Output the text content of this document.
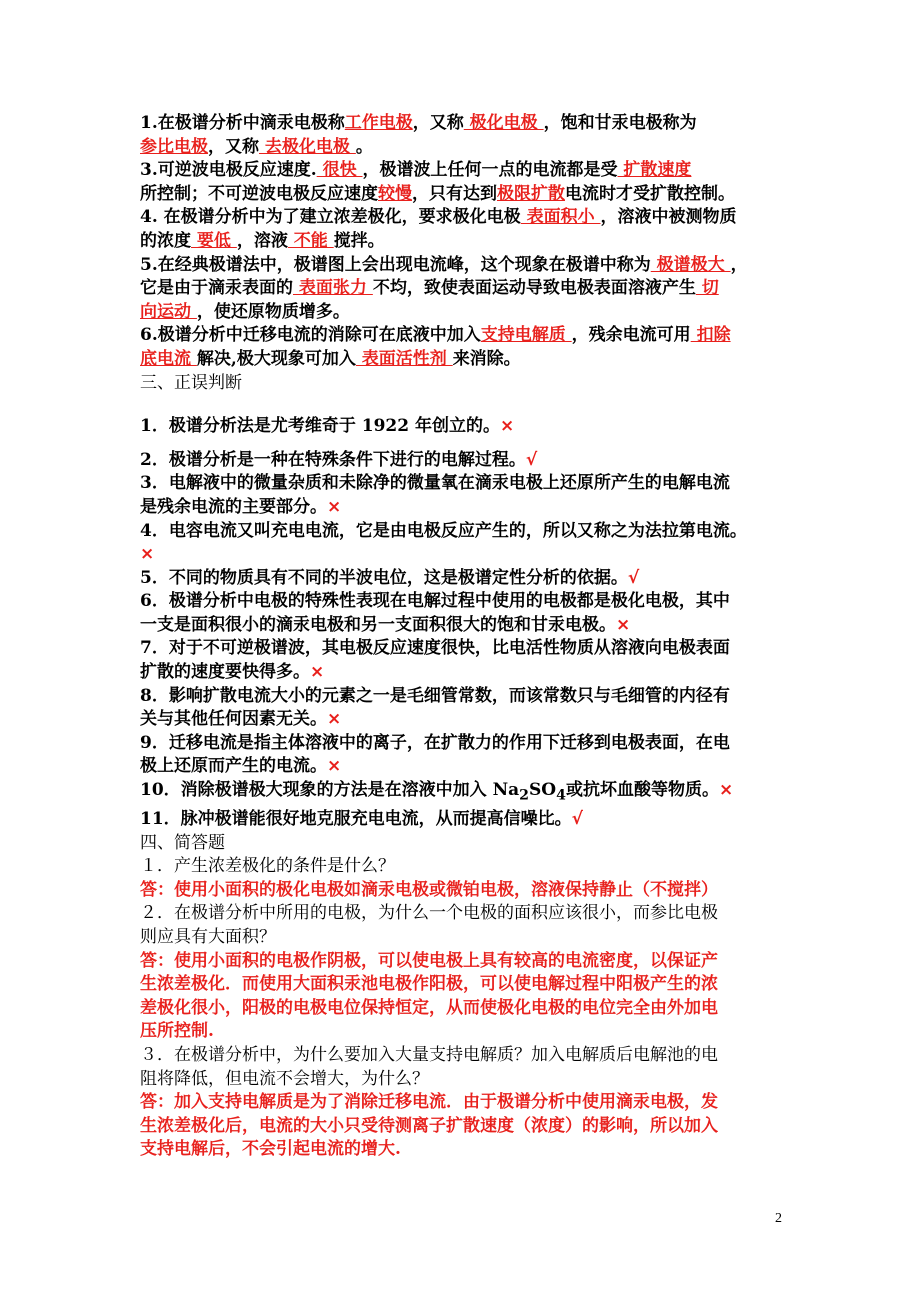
1.在极谱分析中滴汞电极称工作电极，又称 极化电极 ，饱和甘汞电极称为

参比电极，又称 去极化电极 。

3.可逆波电极反应速度. 很快 ，极谱波上任何一点的电流都是受 扩散速度

所控制；不可逆波电极反应速度较慢，只有达到极限扩散电流时才受扩散控制。

4. 在极谱分析中为了建立浓差极化，要求极化电极 表面积小 ，溶液中被测物质

的浓度 要低 ，溶液 不能 搅拌。

5.在经典极谱法中，极谱图上会出现电流峰，这个现象在极谱中称为 极谱极大 ，

它是由于滴汞表面的 表面张力 不均，致使表面运动导致电极表面溶液产生 切

向运动 ，使还原物质增多。

6.极谱分析中迁移电流的消除可在底液中加入支持电解质 ，残余电流可用 扣除

底电流 解决,极大现象可加入 表面活性剂 来消除。

三、正误判断

1．极谱分析法是尤考维奇于 1922 年创立的。×

2．极谱分析是一种在特殊条件下进行的电解过程。√

3．电解液中的微量杂质和未除净的微量氧在滴汞电极上还原所产生的电解电流

是残余电流的主要部分。×

4．电容电流又叫充电电流，它是由电极反应产生的，所以又称之为法拉第电流。

×

5．不同的物质具有不同的半波电位，这是极谱定性分析的依据。√

6．极谱分析中电极的特殊性表现在电解过程中使用的电极都是极化电极，其中

一支是面积很小的滴汞电极和另一支面积很大的饱和甘汞电极。×

7．对于不可逆极谱波，其电极反应速度很快，比电活性物质从溶液向电极表面

扩散的速度要快得多。×

8．影响扩散电流大小的元素之一是毛细管常数，而该常数只与毛细管的内径有

关与其他任何因素无关。×

9．迁移电流是指主体溶液中的离子，在扩散力的作用下迁移到电极表面，在电

极上还原而产生的电流。×

10．消除极谱极大现象的方法是在溶液中加入 $Na_2SO_4$或抗坏血酸等物质。×

11．脉冲极谱能很好地克服充电电流，从而提高信噪比。√

四、简答题

１．产生浓差极化的条件是什么？

答：使用小面积的极化电极如滴汞电极或微铂电极，溶液保持静止（不搅拌）

２．在极谱分析中所用的电极，为什么一个电极的面积应该很小，而参比电极

则应具有大面积？

答：使用小面积的电极作阴极，可以使电极上具有较高的电流密度，以保证产

生浓差极化．而使用大面积汞池电极作阳极，可以使电解过程中阳极产生的浓

差极化很小，阳极的电极电位保持恒定，从而使极化电极的电位完全由外加电

压所控制.

３．在极谱分析中，为什么要加入大量支持电解质？加入电解质后电解池的电

阻将降低，但电流不会增大，为什么？

答：加入支持电解质是为了消除迁移电流．由于极谱分析中使用滴汞电极，发

生浓差极化后，电流的大小只受待测离子扩散速度（浓度）的影响，所以加入

支持电解后，不会引起电流的增大.

2
